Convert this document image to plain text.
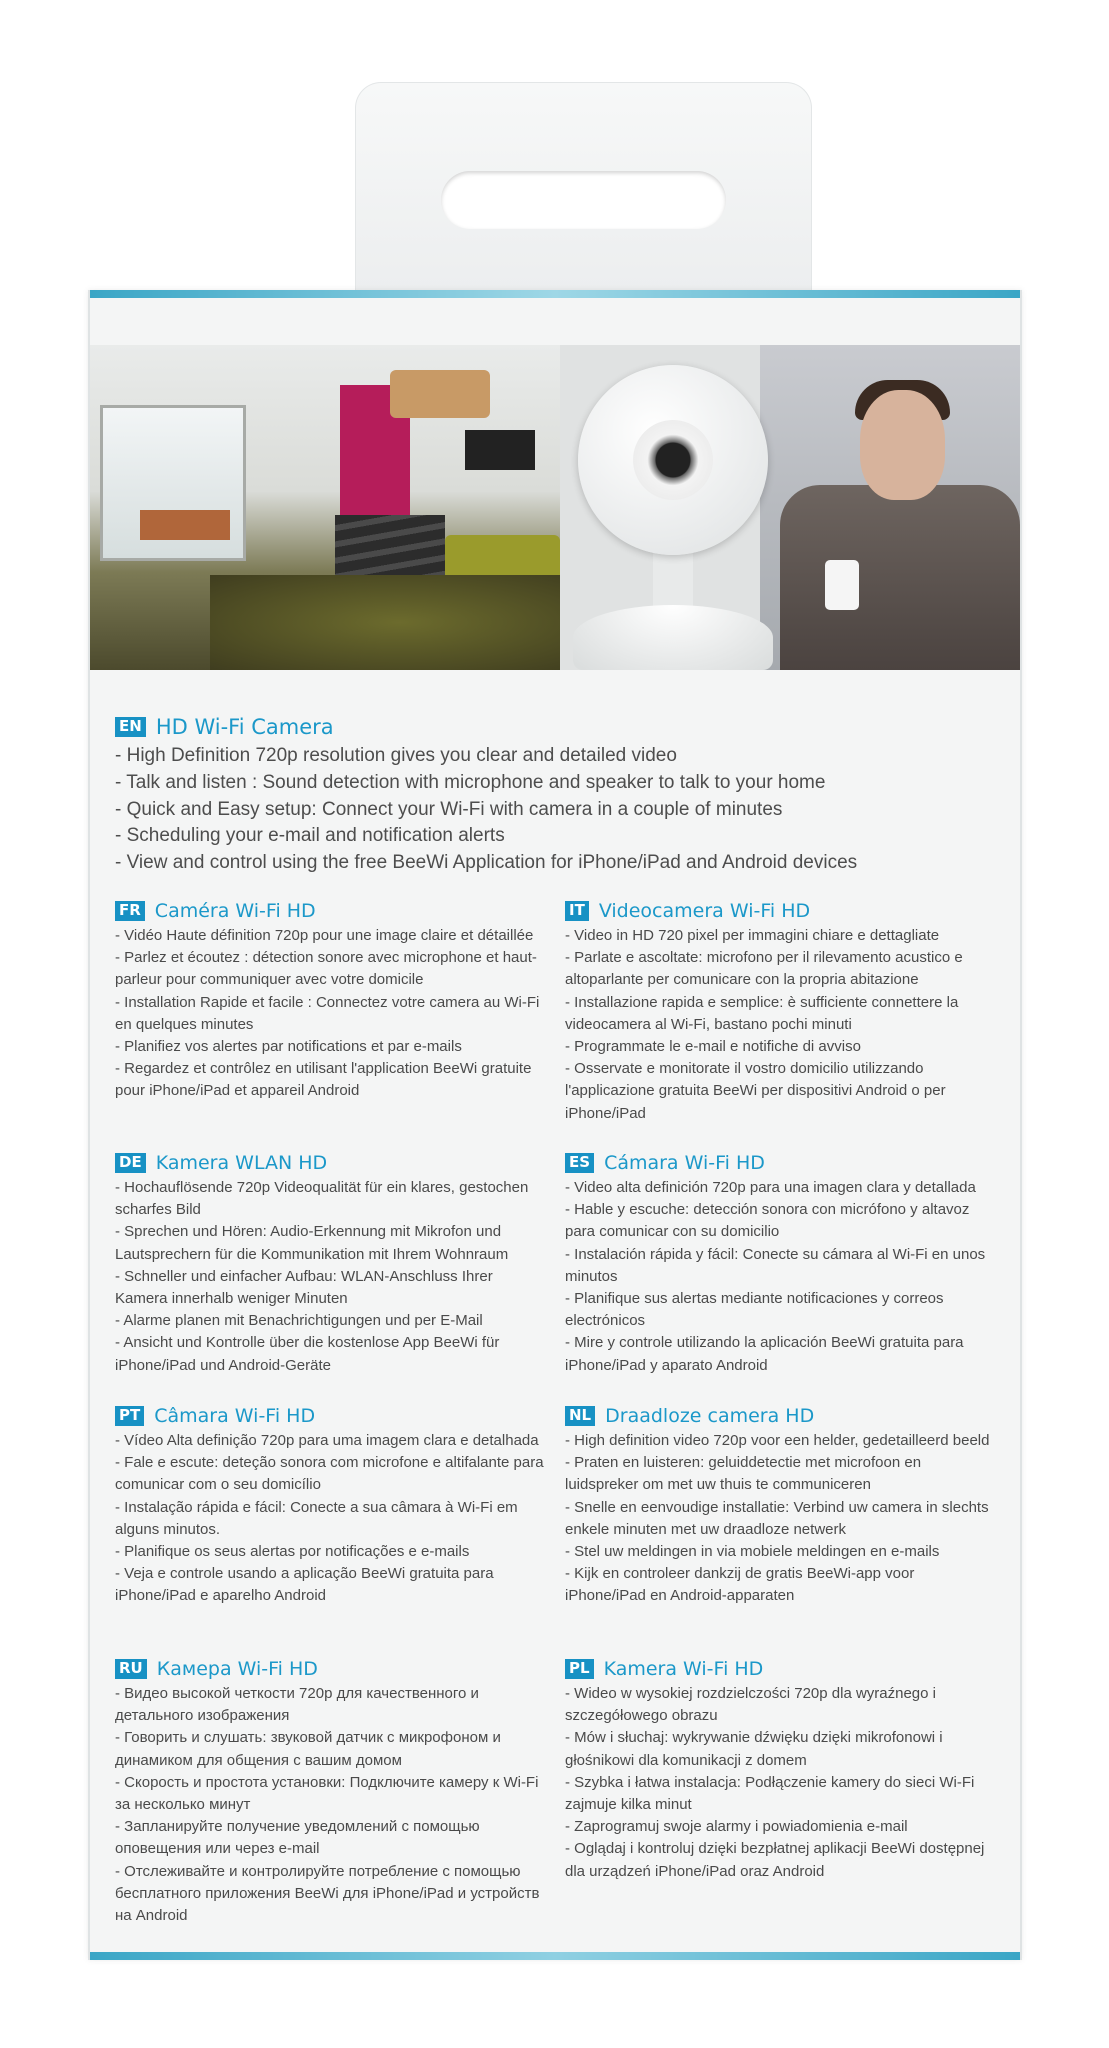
EN HD Wi-Fi Camera
- High Definition 720p resolution gives you clear and detailed video
- Talk and listen : Sound detection with microphone and speaker to talk to your home
- Quick and Easy setup: Connect your Wi-Fi with camera in a couple of minutes
- Scheduling your e-mail and notification alerts
- View and control using the free BeeWi Application for iPhone/iPad and Android devices
FR Caméra Wi-Fi HD
- Vidéo Haute définition 720p pour une image claire et détaillée
- Parlez et écoutez : détection sonore avec microphone et haut-parleur pour communiquer avec votre domicile
- Installation Rapide et facile : Connectez votre camera au Wi-Fi en quelques minutes
- Planifiez vos alertes par notifications et par e-mails
- Regardez et contrôlez en utilisant l'application BeeWi gratuite pour iPhone/iPad et appareil Android
IT Videocamera Wi-Fi HD
- Video in HD 720 pixel per immagini chiare e dettagliate
- Parlate e ascoltate: microfono per il rilevamento acustico e altoparlante per comunicare con la propria abitazione
- Installazione rapida e semplice: è sufficiente connettere la videocamera al Wi-Fi, bastano pochi minuti
- Programmate le e-mail e notifiche di avviso
- Osservate e monitorate il vostro domicilio utilizzando l'applicazione gratuita BeeWi per dispositivi Android o per iPhone/iPad
DE Kamera WLAN HD
- Hochauflösende 720p Videoqualität für ein klares, gestochen scharfes Bild
- Sprechen und Hören: Audio-Erkennung mit Mikrofon und Lautsprechern für die Kommunikation mit Ihrem Wohnraum
- Schneller und einfacher Aufbau: WLAN-Anschluss Ihrer Kamera innerhalb weniger Minuten
- Alarme planen mit Benachrichtigungen und per E-Mail
- Ansicht und Kontrolle über die kostenlose App BeeWi für iPhone/iPad und Android-Geräte
ES Cámara Wi-Fi HD
- Video alta definición 720p para una imagen clara y detallada
- Hable y escuche: detección sonora con micrófono y altavoz para comunicar con su domicilio
- Instalación rápida y fácil: Conecte su cámara al Wi-Fi en unos minutos
- Planifique sus alertas mediante notificaciones y correos electrónicos
- Mire y controle utilizando la aplicación BeeWi gratuita para iPhone/iPad y aparato Android
PT Câmara Wi-Fi HD
- Vídeo Alta definição 720p para uma imagem clara e detalhada
- Fale e escute: deteção sonora com microfone e altifalante para comunicar com o seu domicílio
- Instalação rápida e fácil: Conecte a sua câmara à Wi-Fi em alguns minutos.
- Planifique os seus alertas por notificações e e-mails
- Veja e controle usando a aplicação BeeWi gratuita para iPhone/iPad e aparelho Android
NL Draadloze camera HD
- High definition video 720p voor een helder, gedetailleerd beeld
- Praten en luisteren: geluiddetectie met microfoon en luidspreker om met uw thuis te communiceren
- Snelle en eenvoudige installatie: Verbind uw camera in slechts enkele minuten met uw draadloze netwerk
- Stel uw meldingen in via mobiele meldingen en e-mails
- Kijk en controleer dankzij de gratis BeeWi-app voor iPhone/iPad en Android-apparaten
RU Камера Wi-Fi HD
- Видео высокой четкости 720p для качественного и детального изображения
- Говорить и слушать: звуковой датчик с микрофоном и динамиком для общения с вашим домом
- Скорость и простота установки: Подключите камеру к Wi-Fi за несколько минут
- Запланируйте получение уведомлений с помощью оповещения или через e-mail
- Отслеживайте и контролируйте потребление с помощью бесплатного приложения BeeWi для iPhone/iPad и устройств на Android
PL Kamera Wi-Fi HD
- Wideo w wysokiej rozdzielczości 720p dla wyraźnego i szczegółowego obrazu
- Mów i słuchaj: wykrywanie dźwięku dzięki mikrofonowi i głośnikowi dla komunikacji z domem
- Szybka i łatwa instalacja: Podłączenie kamery do sieci Wi-Fi zajmuje kilka minut
- Zaprogramuj swoje alarmy i powiadomienia e-mail
- Oglądaj i kontroluj dzięki bezpłatnej aplikacji BeeWi dostępnej dla urządzeń iPhone/iPad oraz Android
